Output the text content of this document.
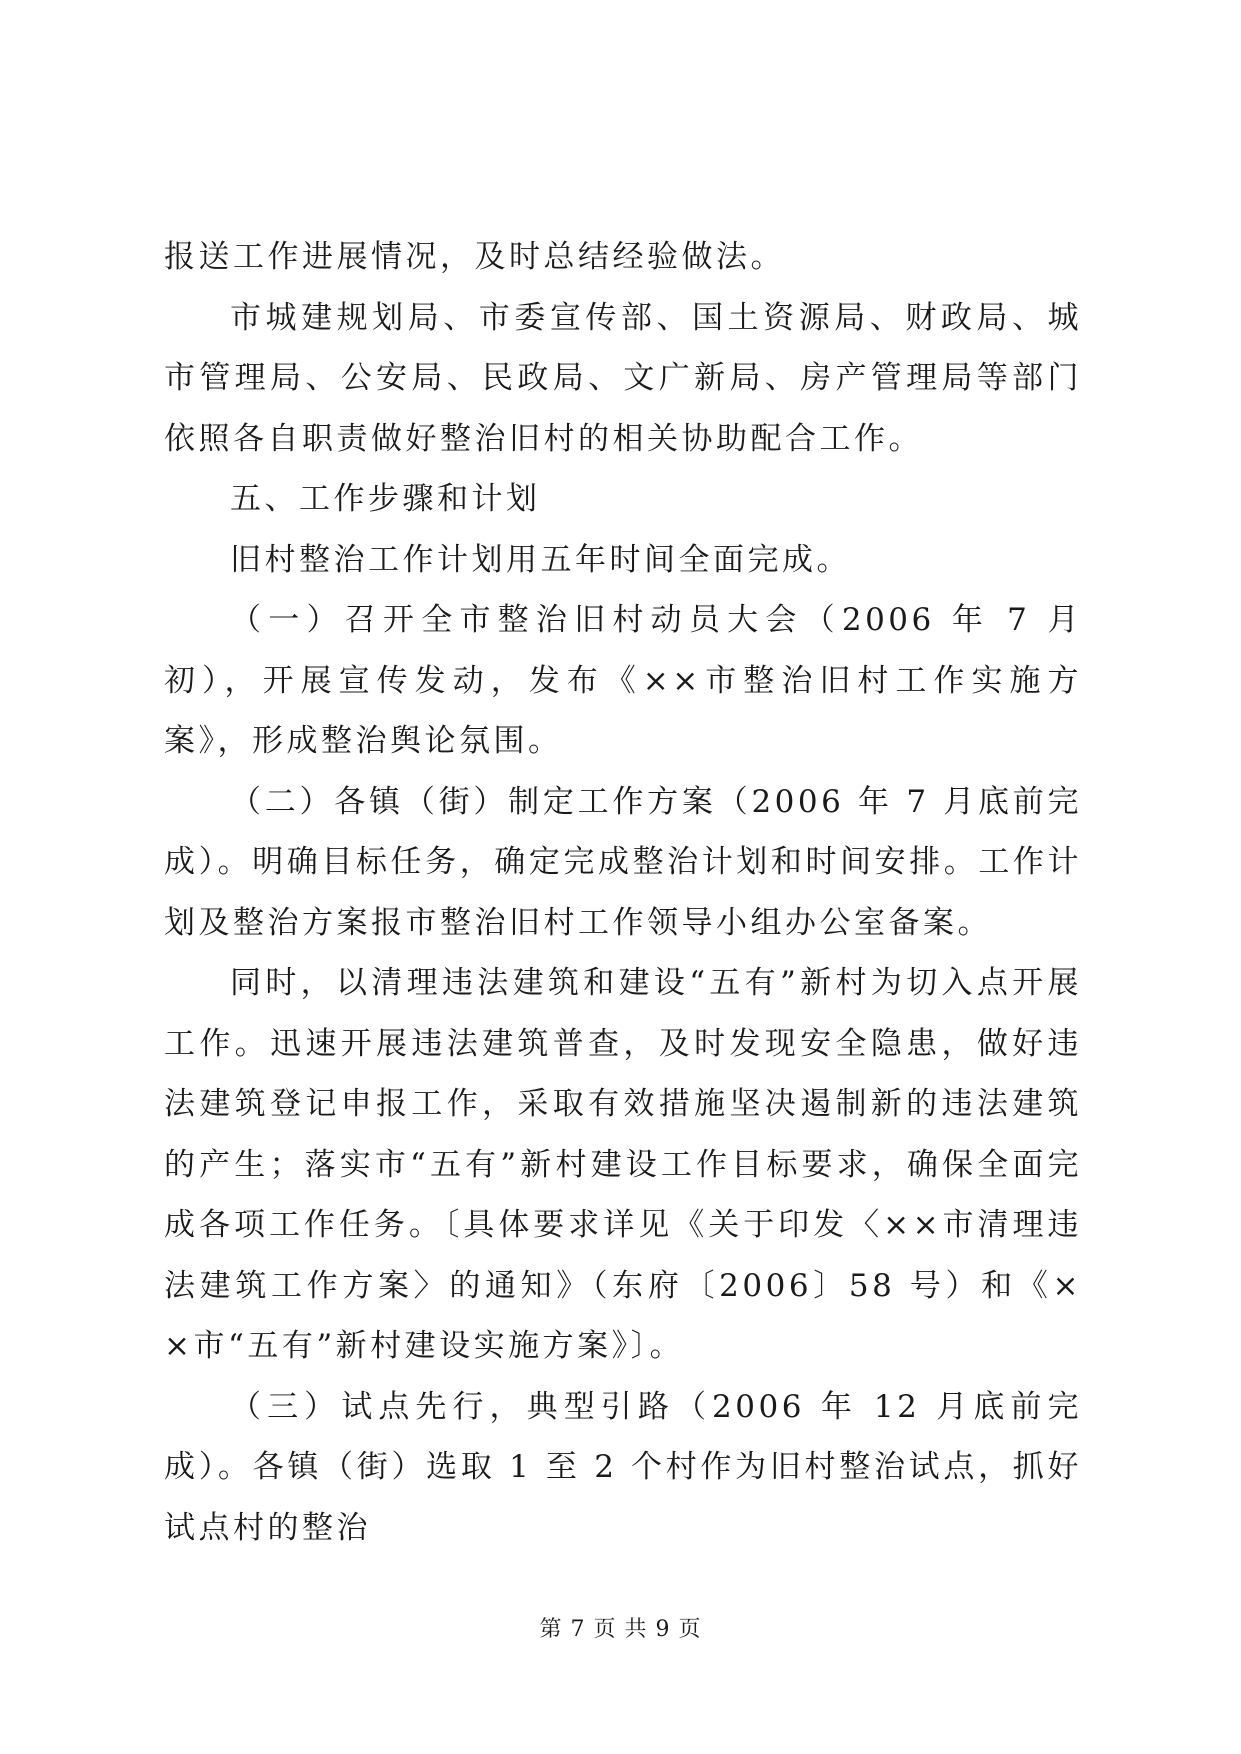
报送工作进展情况，及时总结经验做法。

市城建规划局、市委宣传部、国土资源局、财政局、城市管理局、公安局、民政局、文广新局、房产管理局等部门依照各自职责做好整治旧村的相关协助配合工作。

五、工作步骤和计划

旧村整治工作计划用五年时间全面完成。

（一）召开全市整治旧村动员大会（2006 年 7 月初），开展宣传发动，发布《××市整治旧村工作实施方案》，形成整治舆论氛围。

（二）各镇（街）制定工作方案（2006 年 7 月底前完成）。明确目标任务，确定完成整治计划和时间安排。工作计划及整治方案报市整治旧村工作领导小组办公室备案。

同时，以清理违法建筑和建设“五有”新村为切入点开展工作。迅速开展违法建筑普查，及时发现安全隐患，做好违法建筑登记申报工作，采取有效措施坚决遏制新的违法建筑的产生；落实市“五有”新村建设工作目标要求，确保全面完成各项工作任务。〔具体要求详见《关于印发〈××市清理违法建筑工作方案〉的通知》（东府〔2006〕58 号）和《××市“五有”新村建设实施方案》〕。

（三）试点先行，典型引路（2006 年 12 月底前完成）。各镇（街）选取 1 至 2 个村作为旧村整治试点，抓好试点村的整治

第 7 页 共 9 页
